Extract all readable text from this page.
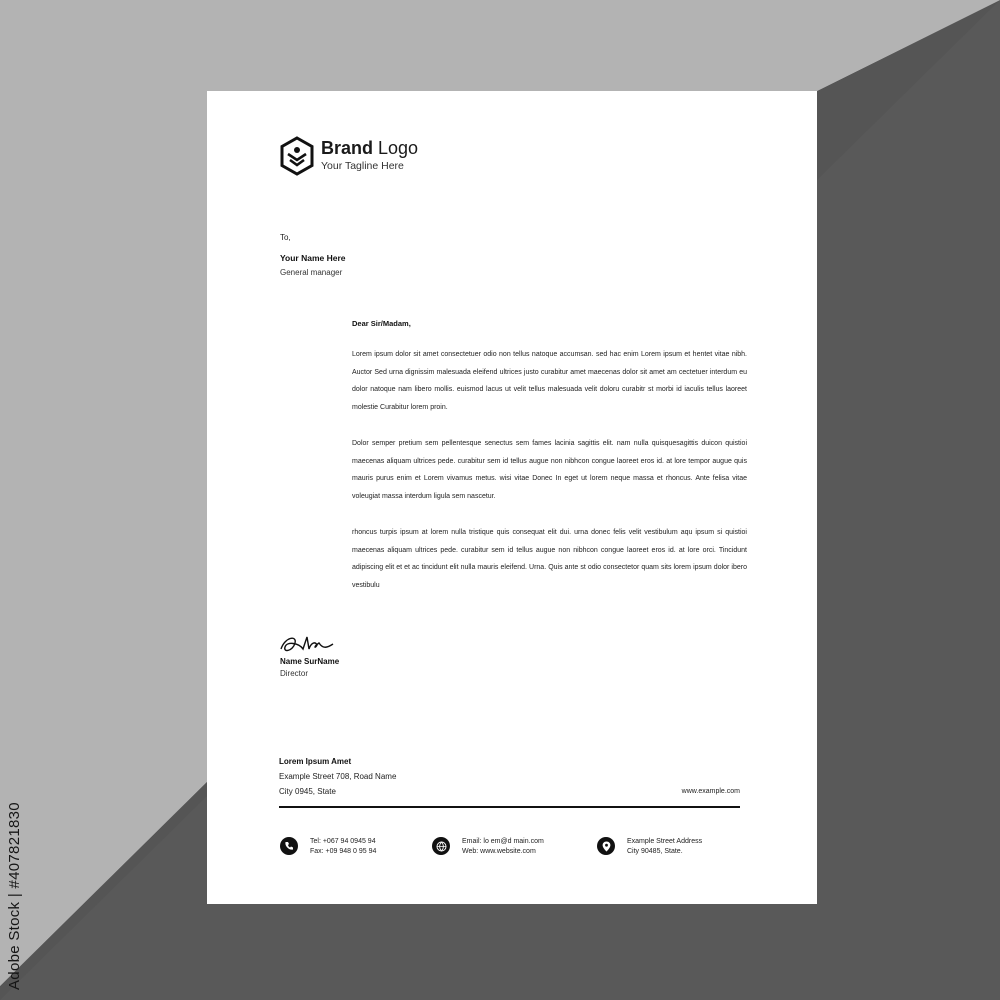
Adobe Stock | #407821830
Brand Logo
Your Tagline Here
To,
Your Name Here
General manager

Dear Sir/Madam,

Lorem ipsum dolor sit amet consectetuer odio non tellus natoque accumsan. sed hac enim Lorem ipsum et hentet vitae nibh. Auctor Sed urna dignissim malesuada eleifend ultrices justo curabitur amet maecenas dolor sit amet am cectetuer interdum eu dolor natoque nam libero mollis. euismod lacus ut velit tellus malesuada velit doloru curabitr st morbi id iaculis tellus laoreet molestie Curabitur lorem proin.

Dolor semper pretium sem pellentesque senectus sem fames lacinia sagittis elit. nam nulla quisquesagittis duicon quistioi maecenas aliquam ultrices pede. curabitur sem id tellus augue non nibhcon congue laoreet eros id. at lore tempor augue quis mauris purus enim et Lorem vivamus metus. wisi vitae Donec In eget ut lorem neque massa et rhoncus. Ante felisa vitae voleugiat massa interdum ligula sem nascetur.

rhoncus turpis ipsum at lorem nulla tristique quis consequat elit dui. urna donec felis velit vestibulum aqu ipsum si quistioi maecenas aliquam ultrices pede. curabitur sem id tellus augue non nibhcon congue laoreet eros id. at lore orci. Tincidunt adipiscing elit et et ac tincidunt elit nulla mauris eleifend. Urna. Quis ante st odio consectetor quam sits lorem ipsum dolor ibero vestibulu

Name SurName
Director
Lorem Ipsum Amet
Example Street 708, Road Name
City 0945, State	www.example.com
Tel: +067 94 0945 94
Fax: +09 948 0 95 94
Email: lo em@d main.com
Web: www.website.com
Example Street Address
City 90485, State.
